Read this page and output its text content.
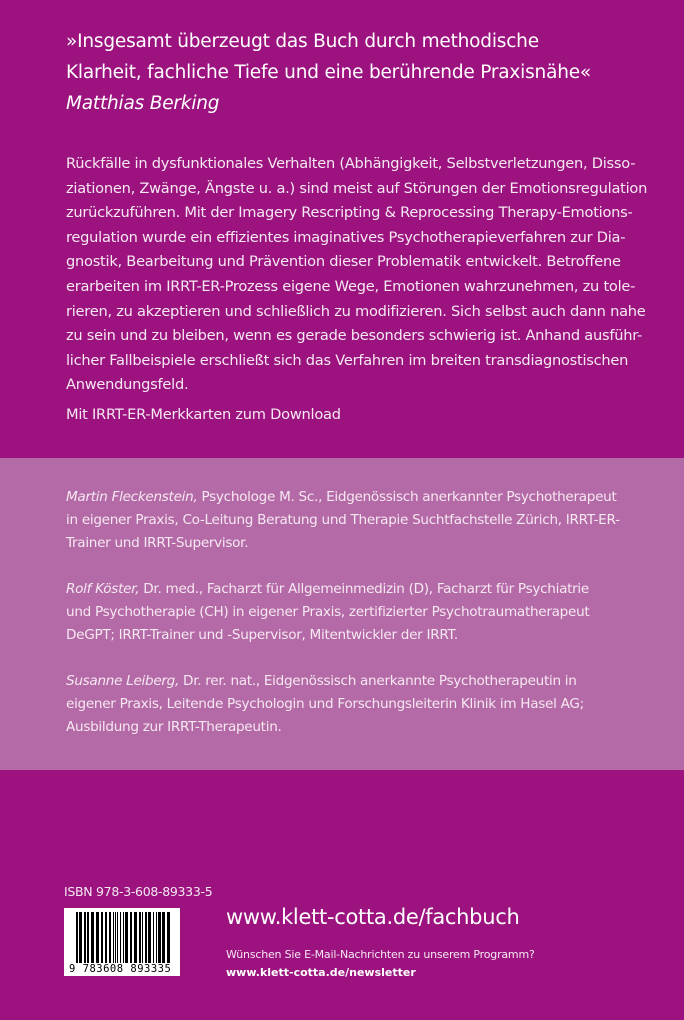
»Insgesamt überzeugt das Buch durch methodische
Klarheit, fachliche Tiefe und eine berührende Praxisnähe«
Matthias Berking
Rückfälle in dysfunktionales Verhalten (Abhängigkeit, Selbstverletzungen, Disso-
ziationen, Zwänge, Ängste u. a.) sind meist auf Störungen der Emotionsregulation
zurückzuführen. Mit der Imagery Rescripting & Reprocessing Therapy-Emotions-
regulation wurde ein effizientes imaginatives Psychotherapieverfahren zur Dia-
gnostik, Bearbeitung und Prävention dieser Problematik entwickelt. Betroffene
erarbeiten im IRRT-ER-Prozess eigene Wege, Emotionen wahrzunehmen, zu tole-
rieren, zu akzeptieren und schließlich zu modifizieren. Sich selbst auch dann nahe
zu sein und zu bleiben, wenn es gerade besonders schwierig ist. Anhand ausführ-
licher Fallbeispiele erschließt sich das Verfahren im breiten transdiagnostischen
Anwendungsfeld.
Mit IRRT-ER-Merkkarten zum Download
Martin Fleckenstein, Psychologe M. Sc., Eidgenössisch anerkannter Psychotherapeut
in eigener Praxis, Co-Leitung Beratung und Therapie Suchtfachstelle Zürich, IRRT-ER-
Trainer und IRRT-Supervisor.
Rolf Köster, Dr. med., Facharzt für Allgemeinmedizin (D), Facharzt für Psychiatrie
und Psychotherapie (CH) in eigener Praxis, zertifizierter Psychotraumatherapeut
DeGPT; IRRT-Trainer und -Supervisor, Mitentwickler der IRRT.
Susanne Leiberg, Dr. rer. nat., Eidgenössisch anerkannte Psychotherapeutin in
eigener Praxis, Leitende Psychologin und Forschungsleiterin Klinik im Hasel AG;
Ausbildung zur IRRT-Therapeutin.
ISBN 978-3-608-89333-5
9 783608 893335
www.klett-cotta.de/fachbuch
Wünschen Sie E-Mail-Nachrichten zu unserem Programm?
www.klett-cotta.de/newsletter
